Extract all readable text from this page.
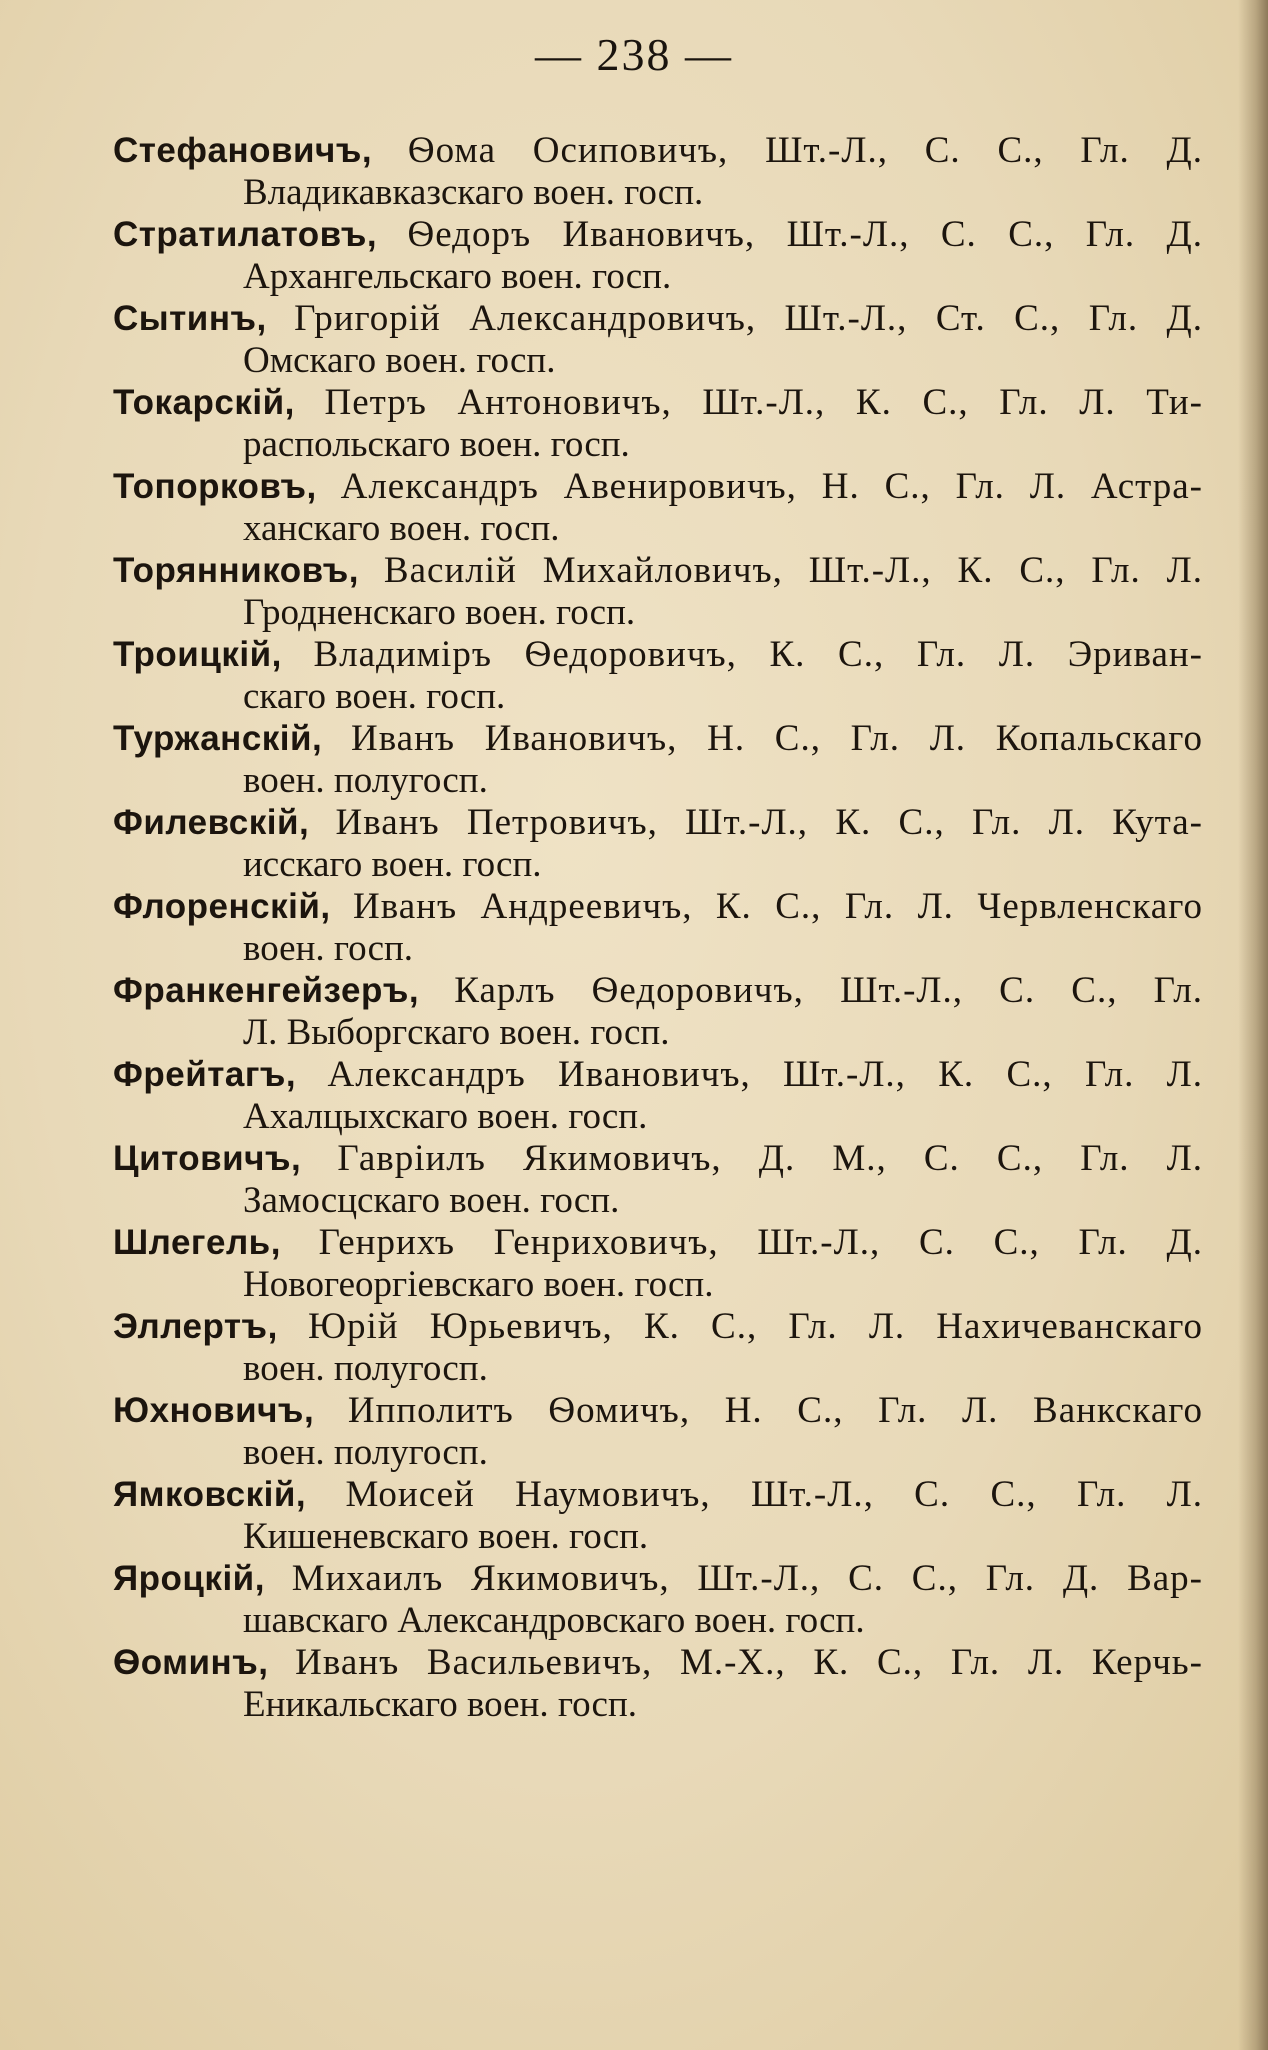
— 238 —

Стефановичъ, Ѳома Осиповичъ, Шт.-Л., С. С., Гл. Д.
Владикавказскаго воен. госп.

Стратилатовъ, Ѳедоръ Ивановичъ, Шт.-Л., С. С., Гл. Д.
Архангельскаго воен. госп.

Сытинъ, Григорій Александровичъ, Шт.-Л., Ст. С., Гл. Д.
Омскаго воен. госп.

Токарскій, Петръ Антоновичъ, Шт.-Л., К. С., Гл. Л. Ти-
распольскаго воен. госп.

Топорковъ, Александръ Авенировичъ, Н. С., Гл. Л. Астра-
ханскаго воен. госп.

Торянниковъ, Василій Михайловичъ, Шт.-Л., К. С., Гл. Л.
Гродненскаго воен. госп.

Троицкій, Владиміръ Ѳедоровичъ, К. С., Гл. Л. Эриван-
скаго воен. госп.

Туржанскій, Иванъ Ивановичъ, Н. С., Гл. Л. Копальскаго
воен. полугосп.

Филевскій, Иванъ Петровичъ, Шт.-Л., К. С., Гл. Л. Кута-
исскаго воен. госп.

Флоренскій, Иванъ Андреевичъ, К. С., Гл. Л. Червленскаго
воен. госп.

Франкенгейзеръ, Карлъ Ѳедоровичъ, Шт.-Л., С. С., Гл.
Л. Выборгскаго воен. госп.

Фрейтагъ, Александръ Ивановичъ, Шт.-Л., К. С., Гл. Л.
Ахалцыхскаго воен. госп.

Цитовичъ, Гавріилъ Якимовичъ, Д. М., С. С., Гл. Л.
Замосцскаго воен. госп.

Шлегель, Генрихъ Генриховичъ, Шт.-Л., С. С., Гл. Д.
Новогеоргіевскаго воен. госп.

Эллертъ, Юрій Юрьевичъ, К. С., Гл. Л. Нахичеванскаго
воен. полугосп.

Юхновичъ, Ипполитъ Ѳомичъ, Н. С., Гл. Л. Ванкскаго
воен. полугосп.

Ямковскій, Моисей Наумовичъ, Шт.-Л., С. С., Гл. Л.
Кишеневскаго воен. госп.

Яроцкій, Михаилъ Якимовичъ, Шт.-Л., С. С., Гл. Д. Вар-
шавскаго Александровскаго воен. госп.

Ѳоминъ, Иванъ Васильевичъ, М.-Х., К. С., Гл. Л. Керчь-
Еникальскаго воен. госп.
